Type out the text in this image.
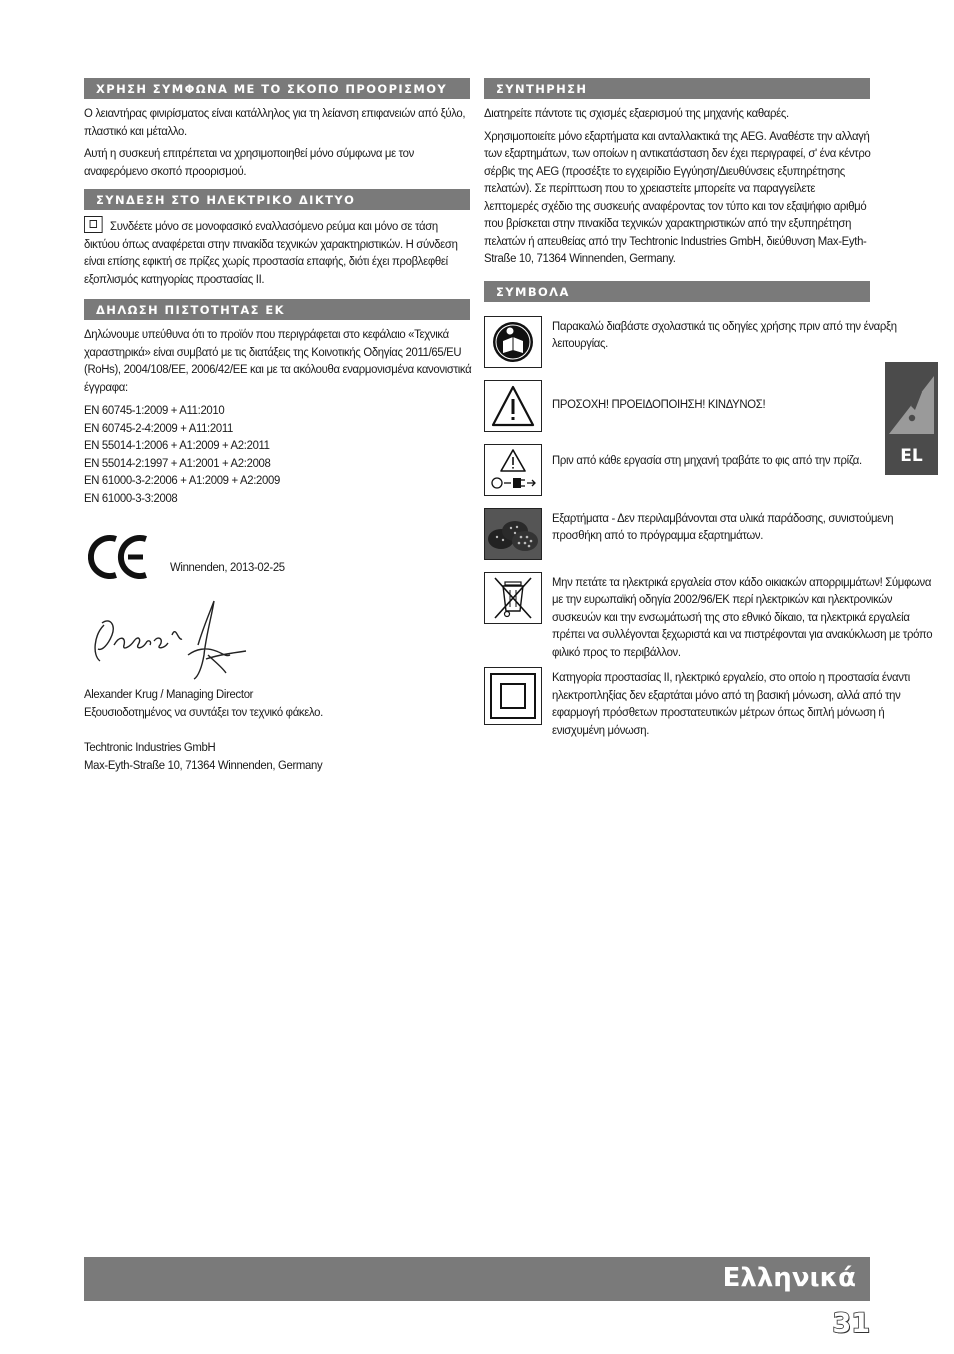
ΧΡΗΣΗ ΣΥΜΦΩΝΑ ΜΕ ΤΟ ΣΚΟΠΟ ΠΡΟΟΡΙΣΜΟΥ

Ο λειαντήρας φινιρίσματος είναι κατάλληλος για τη λείανση επιφανειών από ξύλο, πλαστικό και μέταλλο.

Αυτή η συσκευή επιτρέπεται να χρησιμοποιηθεί μόνο σύμφωνα με τον αναφερόμενο σκοπό προορισμού.

ΣΥΝΔΕΣΗ ΣΤΟ ΗΛΕΚΤΡΙΚΟ ΔΙΚΤΥΟ

Συνδέετε μόνο σε μονοφασικό εναλλασόμενο ρεύμα και μόνο σε τάση δικτύου όπως αναφέρεται στην πινακίδα τεχνικών χαρακτηριστικών. Η σύνδεση είναι επίσης εφικτή σε πρίζες χωρίς προστασία επαφής, διότι έχει προβλεφθεί εξοπλισμός κατηγορίας προστασίας ΙΙ.

ΔΗΛΩΣΗ ΠΙΣΤΟΤΗΤΑΣ ΕΚ

Δηλώνουμε υπεύθυνα ότι το προϊόν που περιγράφεται στο κεφάλαιο «Τεχνικά χαραστηρικά» είναι συμβατό με τις διατάξεις της Κοινοτικής Οδηγίας 2011/65/EU (RoHs), 2004/108/EE, 2006/42/EE και με τα ακόλουθα εναρμονισμένα κανονιστικά έγγραφα:

EN 60745-1:2009 + A11:2010

EN 60745-2-4:2009 + A11:2011

EN 55014-1:2006 + A1:2009 + A2:2011

EN 55014-2:1997 + A1:2001 + A2:2008

EN 61000-3-2:2006 + A1:2009 + A2:2009

EN 61000-3-3:2008

Winnenden, 2013-02-25

Alexander Krug / Managing Director

Εξουσιοδοτημένος να συντάξει τον τεχνικό φάκελο.

Techtronic Industries GmbH

Max-Eyth-Straße 10, 71364 Winnenden, Germany

ΣΥΝΤΗΡΗΣΗ

Διατηρείτε πάντοτε τις σχισμές εξαερισμού της μηχανής καθαρές.

Χρησιμοποιείτε μόνο εξαρτήματα και ανταλλακτικά της AEG. Αναθέστε την αλλαγή των εξαρτημάτων, των οποίων η αντικατάσταση δεν έχει περιγραφεί, σ' ένα κέντρο σέρβις της AEG (προσέξτε το εγχειρίδιο Εγγύηση/Διευθύνσεις εξυπηρέτησης πελατών). Σε περίπτωση που το χρειαστείτε μπορείτε να παραγγείλετε λεπτομερές σχέδιο της συσκευής αναφέροντας τον τύπο και τον εξαψήφιο αριθμό που βρίσκεται στην πινακίδα τεχνικών χαρακτηριστικών από την εξυπηρέτηση πελατών ή απευθείας από την Techtronic Industries GmbH, διεύθυνση Max-Eyth-Straße 10, 71364 Winnenden, Germany.

ΣΥΜΒΟΛΑ

Παρακαλώ διαβάστε σχολαστικά τις οδηγίες χρήσης πριν από την έναρξη λειτουργίας.

ΠΡΟΣΟΧΗ! ΠΡΟΕΙΔΟΠΟΙΗΣΗ! ΚΙΝΔΥΝΟΣ!

Πριν από κάθε εργασία στη μηχανή τραβάτε το φις από την πρίζα.

Εξαρτήματα - Δεν περιλαμβάνονται στα υλικά παράδοσης, συνιστούμενη προσθήκη από το πρόγραμμα εξαρτημάτων.

Μην πετάτε τα ηλεκτρικά εργαλεία στον κάδο οικιακών απορριμμάτων! Σύμφωνα με την ευρωπαϊκή οδηγία 2002/96/ΕΚ περί ηλεκτρικών και ηλεκτρονικών συσκευών και την ενσωμάτωσή της στο εθνικό δίκαιο, τα ηλεκτρικά εργαλεία πρέπει να συλλέγονται ξεχωριστά και να πιστρέφονται για ανακύκλωση με τρόπο φιλικό προς το περιβάλλον.

Κατηγορία προστασίας ΙΙ, ηλεκτρικό εργαλείο, στο οποίο η προστασία έναντι ηλεκτροπληξίας δεν εξαρτάται μόνο από τη βασική μόνωση, αλλά από την εφαρμογή πρόσθετων προστατευτικών μέτρων όπως διπλή μόνωση ή ενισχυμένη μόνωση.

EL
Ελληνικά
31
